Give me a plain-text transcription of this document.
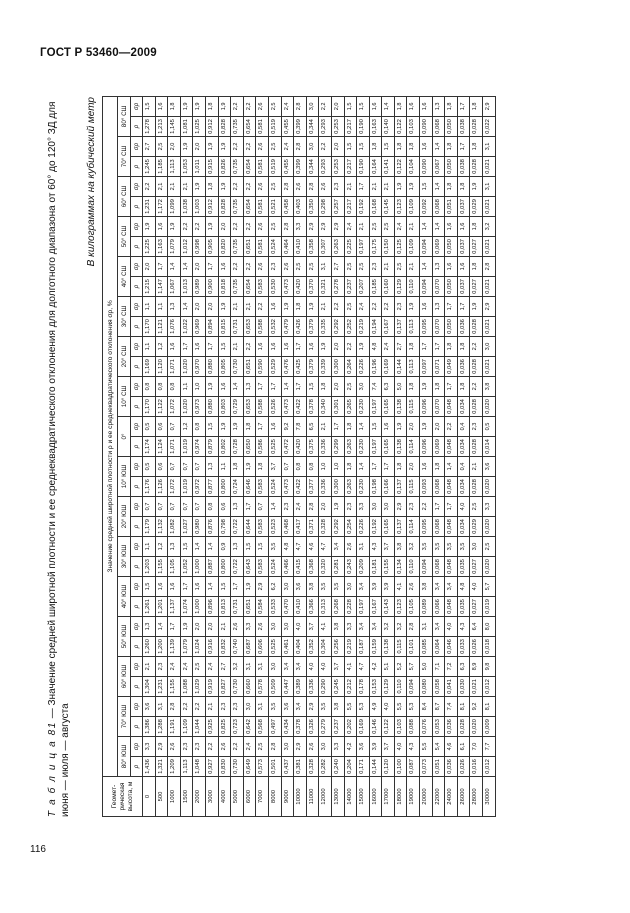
ГОСТ Р 53460—2009
116
Т а б л и ц а 81 — Значение средней широтной плотности и ее среднеквадратического отклонения для долготного диапазона от 60° до 120° ЗД для июня — июля — августа
В килограммах на кубический метр
Геомет-рическая высота, м	Значение средней широтной плотности ρ и ее среднеквадратического отклонения σρ, %																																	
	80° ЮШ		70° ЮШ		60° ЮШ		50° ЮШ		40° ЮШ		30° ЮШ		20° ЮШ		10° ЮШ		0°		10° СШ		20° СШ		30° СШ		40° СШ		50° СШ		60° СШ		70° СШ		80° СШ	
	ρ	σρ	ρ	σρ	ρ	σρ	ρ	σρ	ρ	σρ	ρ	σρ	ρ	σρ	ρ	σρ	ρ	σρ	ρ	σρ	ρ	σρ	ρ	σρ	ρ	σρ	ρ	σρ	ρ	σρ	ρ	σρ	ρ	σρ
0	1,436	3,3	1,386	3,6	1,304	2,1	1,260	1,3	1,261	1,5	1,203	1,1	1,179	0,7	1,176	0,5	1,174	0,5	1,170	0,8	1,169	1,1	1,170	1,1	1,215	2,0	1,225	1,9	1,231	2,2	1,245	2,7	1,278	1,5
500	1,321	2,9	1,288	3,1	1,231	2,3	1,200	1,4	1,201	1,6	1,155	1,2	1,132	0,7	1,126	0,6	1,124	0,6	1,122	0,8	1,120	1,2	1,121	1,1	1,147	1,7	1,163	1,6	1,172	2,1	1,185	2,5	1,213	1,6
1000	1,209	2,6	1,191	2,8	1,155	2,4	1,139	1,7	1,137	1,6	1,105	1,3	1,082	0,7	1,072	0,7	1,071	0,7	1,072	0,8	1,071	1,6	1,076	1,3	1,067	1,4	1,079	1,9	1,099	2,1	1,113	2,0	1,145	1,8
1500	1,113	2,3	1,109	2,2	1,088	2,4	1,079	1,9	1,074	1,7	1,052	1,5	1,027	0,7	1,019	0,7	1,019	1,2	1,020	1,1	1,020	1,7	1,022	1,4	1,013	1,4	1,012	2,2	1,038	2,1	1,053	1,9	1,081	1,9
2000	1,048	2,3	1,044	2,2	1,029	2,5	1,024	2,0	1,000	1,6	1,000	1,4	0,980	0,7	0,972	0,7	0,974	0,8	0,973	1,0	0,970	1,6	0,969	2,0	0,989	2,0	0,998	2,2	1,003	1,9	1,011	2,0	1,025	1,9
3000	0,927	2,2	0,925	2,1	0,919	2,4	0,916	2,0	0,896	1,4	0,887	1,4	0,876	0,8	0,877	1,3	0,879	1,5	0,880	1,9	0,880	1,7	0,894	2,0	0,900	1,7	0,905	1,9	0,912	1,8	0,915	1,9	0,912	1,8
4000	0,830	2,6	0,825	2,3	0,827	2,7	0,832	2,1	0,813	1,5	0,800	0,9	0,798	0,6	0,800	1,1	0,802	1,9	0,803	1,6	0,805	1,5	0,815	1,9	0,818	1,6	0,820	2,0	0,828	1,9	0,826	1,9	0,828	1,9
5000	0,730	2,2	0,723	2,3	0,730	3,2	0,740	2,6	0,731	1,7	0,722	1,3	0,722	1,3	0,724	1,8	0,728	1,9	0,729	1,4	0,730	2,1	0,731	2,1	0,735	2,2	0,735	2,2	0,735	2,2	0,735	2,2	0,735	2,2
6000	0,649	2,4	0,642	3,0	0,660	3,1	0,687	3,3	0,651	1,9	0,643	1,5	0,644	1,7	0,646	1,9	0,650	1,8	0,653	1,3	0,651	2,2	0,653	2,1	0,654	2,2	0,651	2,2	0,654	2,2	0,654	2,2	0,654	2,2
7000	0,573	2,5	0,568	3,1	0,578	3,1	0,606	2,6	0,584	2,9	0,583	1,5	0,583	0,7	0,583	1,8	0,586	1,7	0,588	1,7	0,590	1,6	0,588	2,2	0,583	2,6	0,581	2,6	0,581	2,6	0,581	2,6	0,581	2,6
8000	0,501	2,8	0,497	3,5	0,509	3,0	0,525	3,0	0,533	6,2	0,524	3,5	0,523	1,4	0,524	3,7	0,525	1,6	0,526	1,7	0,529	1,6	0,532	1,6	0,530	2,3	0,524	2,5	0,521	2,5	0,519	2,5	0,519	2,5
9000	0,437	3,0	0,434	3,6	0,447	3,4	0,461	3,0	0,470	3,0	0,466	4,8	0,468	2,3	0,473	0,7	0,472	9,2	0,473	1,4	0,476	1,6	0,479	1,9	0,473	2,6	0,464	2,8	0,458	2,8	0,455	2,4	0,455	2,4
10000	0,381	2,9	0,378	3,4	0,389	3,4	0,404	4,0	0,410	3,6	0,415	4,7	0,417	2,4	0,422	0,8	0,420	7,8	0,422	1,7	0,425	1,7	0,426	1,8	0,420	2,5	0,410	3,3	0,403	2,6	0,399	2,8	0,399	2,8
11000	0,328	2,6	0,326	2,9	0,336	4,0	0,352	3,7	0,366	3,8	0,368	4,6	0,371	2,8	0,377	0,8	0,375	6,5	0,378	1,5	0,379	1,6	0,379	1,9	0,370	2,5	0,358	2,9	0,350	2,8	0,344	3,0	0,344	3,0
12000	0,282	3,0	0,279	3,5	0,290	4,0	0,304	4,1	0,313	3,5	0,320	4,7	0,328	2,0	0,336	1,0	0,336	2,1	0,340	1,8	0,339	1,9	0,335	2,1	0,321	3,1	0,307	2,9	0,298	2,6	0,293	2,2	0,293	2,2
13000	0,240	3,3	0,237	3,8	0,245	3,7	0,256	3,8	0,268	3,5	0,281	3,4	0,292	1,9	0,300	1,0	0,299	1,7	0,301	2,0	0,300	2,0	0,292	2,2	0,278	2,7	0,263	2,9	0,257	2,3	0,253	2,0	0,253	2,0
14000	0,204	4,2	0,202	5,5	0,212	4,1	0,219	3,3	0,228	3,0	0,243	2,6	0,254	2,3	0,263	1,8	0,263	1,8	0,265	2,5	0,264	2,2	0,252	2,5	0,237	2,5	0,225	2,4	0,217	2,1	0,217	1,5	0,217	1,5
15000	0,171	3,6	0,169	5,3	0,178	4,7	0,187	3,4	0,197	3,4	0,209	3,1	0,226	3,3	0,230	1,4	0,230	1,4	0,230	3,0	0,226	1,9	0,219	2,4	0,207	2,5	0,197	2,1	0,192	1,7	0,190	1,5	0,190	1,5
16000	0,144	3,9	0,146	4,9	0,153	4,2	0,159	3,4	0,167	3,9	0,181	4,3	0,192	3,0	0,198	1,7	0,197	1,5	0,197	7,4	0,196	4,8	0,194	2,2	0,185	2,3	0,175	2,5	0,168	2,1	0,164	1,8	0,163	1,6
17000	0,120	3,7	0,122	4,0	0,129	5,1	0,138	3,2	0,143	3,9	0,155	3,7	0,165	3,0	0,166	1,7	0,165	1,6	0,165	6,3	0,169	2,4	0,167	2,2	0,160	2,1	0,150	2,5	0,145	2,1	0,141	1,5	0,140	1,4
18000	0,100	4,0	0,103	5,5	0,110	5,2	0,115	3,2	0,123	4,1	0,134	3,8	0,137	2,9	0,137	1,8	0,138	1,9	0,138	5,0	0,144	2,7	0,137	2,3	0,129	2,5	0,125	2,4	0,123	1,9	0,122	1,8	0,122	1,8
19000	0,087	4,3	0,088	5,3	0,094	5,7	0,101	2,8	0,105	2,6	0,110	3,2	0,114	2,3	0,115	2,0	0,114	2,0	0,115	1,8	0,113	1,8	0,113	1,9	0,110	2,1	0,109	2,1	0,109	1,9	0,104	1,8	0,103	1,6
20000	0,073	5,5	0,076	8,4	0,080	5,0	0,085	3,1	0,089	3,8	0,094	3,5	0,095	2,2	0,093	1,6	0,096	1,9	0,096	1,9	0,097	1,7	0,095	1,6	0,094	1,4	0,094	1,4	0,092	1,5	0,090	1,6	0,090	1,6
22000	0,051	5,4	0,053	8,7	0,058	7,1	0,064	3,4	0,066	3,4	0,068	3,5	0,068	1,7	0,068	1,8	0,069	2,0	0,070	1,8	0,071	1,7	0,070	1,3	0,070	1,3	0,069	1,4	0,068	1,4	0,067	1,4	0,068	1,3
24000	0,036	4,6	0,036	7,4	0,041	7,2	0,046	4,0	0,048	3,4	0,048	3,5	0,048	1,7	0,048	1,4	0,048	2,2	0,048	1,7	0,049	1,8	0,050	1,7	0,050	1,6	0,050	1,6	0,051	1,8	0,050	1,8	0,050	1,8
26000	0,026	6,1	0,028	8,1	0,030	6,3	0,033	4,3	0,035	4,8	0,035	3,5	0,034	4,0	0,034	0,4	0,034	0,4	0,034	1,8	0,036	1,8	0,036	1,7	0,037	1,6	0,037	1,6	0,037	1,8	0,038	1,7	0,038	1,7
28000	0,016	7,0	0,020	9,2	0,021	8,9	0,026	6,4	0,027	4,0	0,027	3,0	0,029	2,5	0,028	2,1	0,028	2,3	0,028	2,2	0,028	2,2	0,028	1,9	0,027	1,8	0,027	1,8	0,029	1,9	0,028	1,8	0,028	1,8
30000	0,012	7,7	0,009	8,1	0,012	9,8	0,018	8,0	0,019	5,7	0,020	2,5	0,020	3,3	0,020	3,6	0,014	0,5	0,020	3,8	0,021	3,0	0,021	2,9	0,021	2,8	0,021	3,2	0,021	3,1	0,021	3,1	0,022	2,9
